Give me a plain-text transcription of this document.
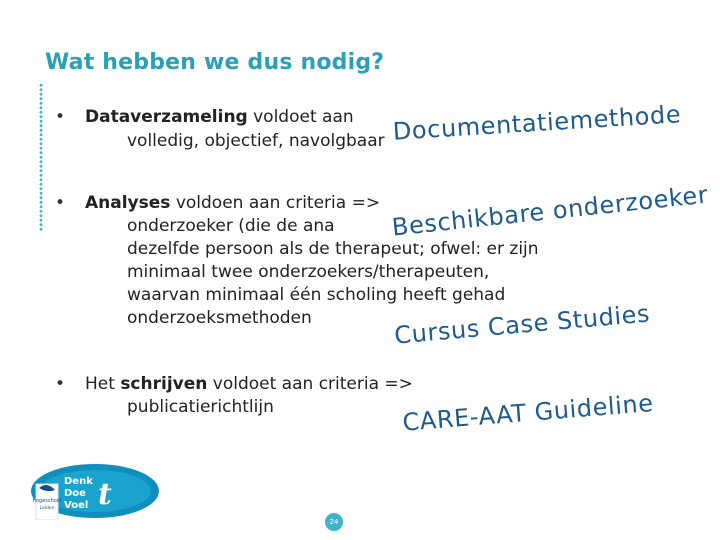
Wat hebben we dus nodig?
• Dataverzameling voldoet aan
volledig, objectief, navolgbaar
• Analyses voldoen aan criteria =>
onderzoeker (die de ana
dezelfde persoon als de therapeut; ofwel: er zijn
minimaal twee onderzoekers/therapeuten,
waarvan minimaal één scholing heeft gehad
onderzoeksmethoden
• Het schrijven voldoet aan criteria =>
publicatierichtlijn
Documentatiemethode
Beschikbare onderzoeker
Cursus Case Studies
CARE-AAT Guideline
hogeschool
Leiden
Denk
Doe
Voel t
24
